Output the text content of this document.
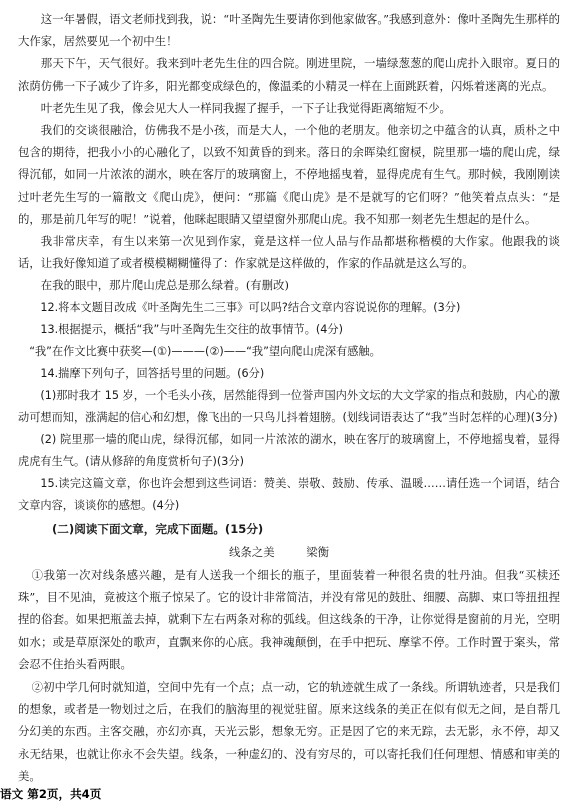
这一年暑假，语文老师找到我，说：“叶圣陶先生要请你到他家做客。”我感到意外：像叶圣陶先生那样的大作家，居然要见一个初中生！

那天下午，天气很好。我来到叶老先生住的四合院。刚进里院，一墙绿葱葱的爬山虎扑入眼帘。夏日的浓荫仿佛一下子减少了许多，阳光都变成绿色的，像温柔的小精灵一样在上面跳跃着，闪烁着迷离的光点。

叶老先生见了我，像会见大人一样同我握了握手，一下子让我觉得距离缩短不少。

我们的交谈很融洽，仿佛我不是小孩，而是大人，一个他的老朋友。他亲切之中蕴含的认真，质朴之中包含的期待，把我小小的心融化了，以致不知黄昏的到来。落日的余晖染红窗棂，院里那一墙的爬山虎，绿得沉郁，如同一片浓浓的湖水，映在客厅的玻璃窗上，不停地摇曳着，显得虎虎有生气。那时候，我刚刚读过叶老先生写的一篇散文《爬山虎》，便问：“那篇《爬山虎》是不是就写的它们呀？”他笑着点点头：“是的，那是前几年写的呢！”说着，他眯起眼睛又望望窗外那爬山虎。我不知那一刻老先生想起的是什么。

我非常庆幸，有生以来第一次见到作家，竟是这样一位人品与作品都堪称楷模的大作家。他跟我的谈话，让我好像知道了或者模模糊糊懂得了：作家就是这样做的，作家的作品就是这么写的。

在我的眼中，那片爬山虎总是那么绿着。(有删改)

12.将本文题目改成《叶圣陶先生二三事》可以吗?结合文章内容说说你的理解。(3分)

13.根据提示，概括“我”与叶圣陶先生交往的故事情节。(4分)

“我”在作文比赛中获奖—(①)———(②)——“我”望向爬山虎深有感触。

14.揣摩下列句子，回答括号里的问题。(6分)

(1)那时我才 15 岁，一个毛头小孩，居然能得到一位誉声国内外文坛的大文学家的指点和鼓励，内心的激动可想而知，涨满起的信心和幻想，像飞出的一只鸟儿抖着翅膀。(划线词语表达了“我”当时怎样的心理)(3分)

(2) 院里那一墙的爬山虎，绿得沉郁，如同一片浓浓的湖水，映在客厅的玻璃窗上，不停地摇曳着，显得虎虎有生气。(请从修辞的角度赏析句子)(3分)

15.读完这篇文章，你也许会想到这些词语：赞美、崇敬、鼓励、传承、温暖……请任选一个词语，结合文章内容，谈谈你的感想。(4分)

(二)阅读下面文章，完成下面题。(15分)
线条之美 梁衡

①我第一次对线条感兴趣，是有人送我一个细长的瓶子，里面装着一种很名贵的牡丹油。但我“买椟还珠”，目不见油，竟被这个瓶子惊呆了。它的设计非常简洁，并没有常见的鼓肚、细腰、高脚、束口等扭扭捏捏的俗套。如果把瓶盖去掉，就剩下左右两条对称的弧线。但这线条的干净，让你觉得是窗前的月光，空明如水；或是草原深处的歌声，直飘来你的心底。我神魂颠倒，在手中把玩、摩挲不停。工作时置于案头，常会忍不住抬头看两眼。

②初中学几何时就知道，空间中先有一个点；点一动，它的轨迹就生成了一条线。所谓轨迹者，只是我们的想象，或者是一物划过之后，在我们的脑海里的视觉驻留。原来这线条的美正在似有似无之间，是自帮几分幻美的东西。主客交融，亦幻亦真，天光云影，想象无穷。正是因了它的来无踪，去无影，永不停，却又永无结果，也就让你永不会失望。线条，一种虚幻的、没有穷尽的，可以寄托我们任何理想、情感和审美的美。

语文 第2页，共4页
